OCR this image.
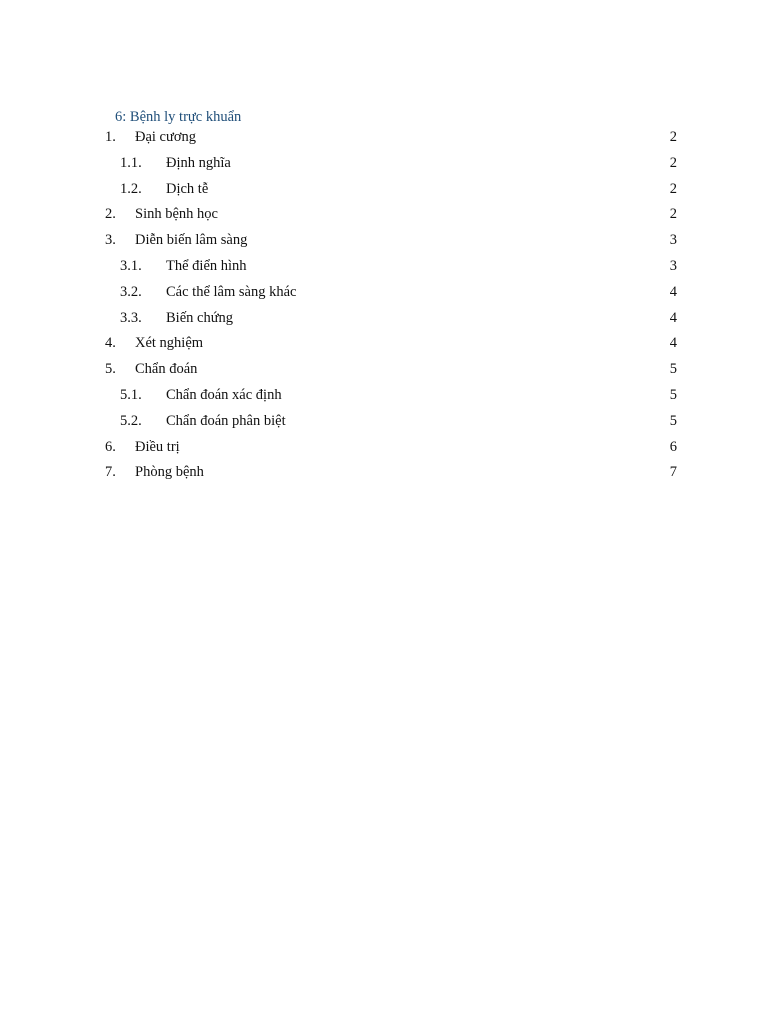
6: Bệnh ly trực khuẩn
1. Đại cương	2
1.1. Định nghĩa	2
1.2. Dịch tễ	2
2. Sinh bệnh học	2
3. Diễn biến lâm sàng	3
3.1. Thể điển hình	3
3.2. Các thể lâm sàng khác	4
3.3. Biến chứng	4
4. Xét nghiệm	4
5. Chẩn đoán	5
5.1. Chẩn đoán xác định	5
5.2. Chẩn đoán phân biệt	5
6. Điều trị	6
7. Phòng bệnh	7
